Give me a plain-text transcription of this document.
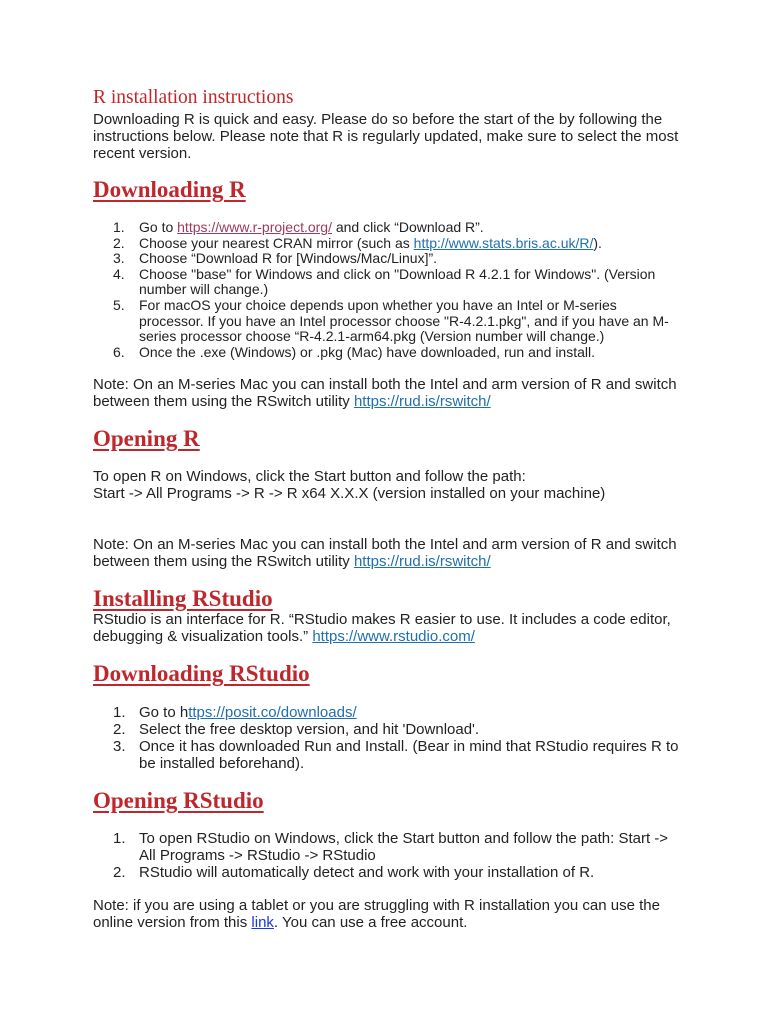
R installation instructions

Downloading R is quick and easy. Please do so before the start of the by following the instructions below. Please note that R is regularly updated, make sure to select the most recent version.

Downloading R
1. Go to https://www.r-project.org/ and click “Download R”.
2. Choose your nearest CRAN mirror (such as http://www.stats.bris.ac.uk/R/).
3. Choose “Download R for [Windows/Mac/Linux]”.
4. Choose "base" for Windows and click on "Download R 4.2.1 for Windows". (Version number will change.)
5. For macOS your choice depends upon whether you have an Intel or M-series processor. If you have an Intel processor choose "R-4.2.1.pkg", and if you have an M-series processor choose “R-4.2.1-arm64.pkg (Version number will change.)
6. Once the .exe (Windows) or .pkg (Mac) have downloaded, run and install.

Note: On an M-series Mac you can install both the Intel and arm version of R and switch between them using the RSwitch utility https://rud.is/rswitch/

Opening R

To open R on Windows, click the Start button and follow the path:

Start -> All Programs -> R -> R x64 X.X.X (version installed on your machine)

Note: On an M-series Mac you can install both the Intel and arm version of R and switch between them using the RSwitch utility https://rud.is/rswitch/

Installing RStudio

RStudio is an interface for R. “RStudio makes R easier to use. It includes a code editor, debugging & visualization tools.” https://www.rstudio.com/

Downloading RStudio
1. Go to https://posit.co/downloads/
2. Select the free desktop version, and hit 'Download'.
3. Once it has downloaded Run and Install. (Bear in mind that RStudio requires R to be installed beforehand).
Opening RStudio
1. To open RStudio on Windows, click the Start button and follow the path: Start -> All Programs -> RStudio -> RStudio
2. RStudio will automatically detect and work with your installation of R.

Note: if you are using a tablet or you are struggling with R installation you can use the online version from this link. You can use a free account.
